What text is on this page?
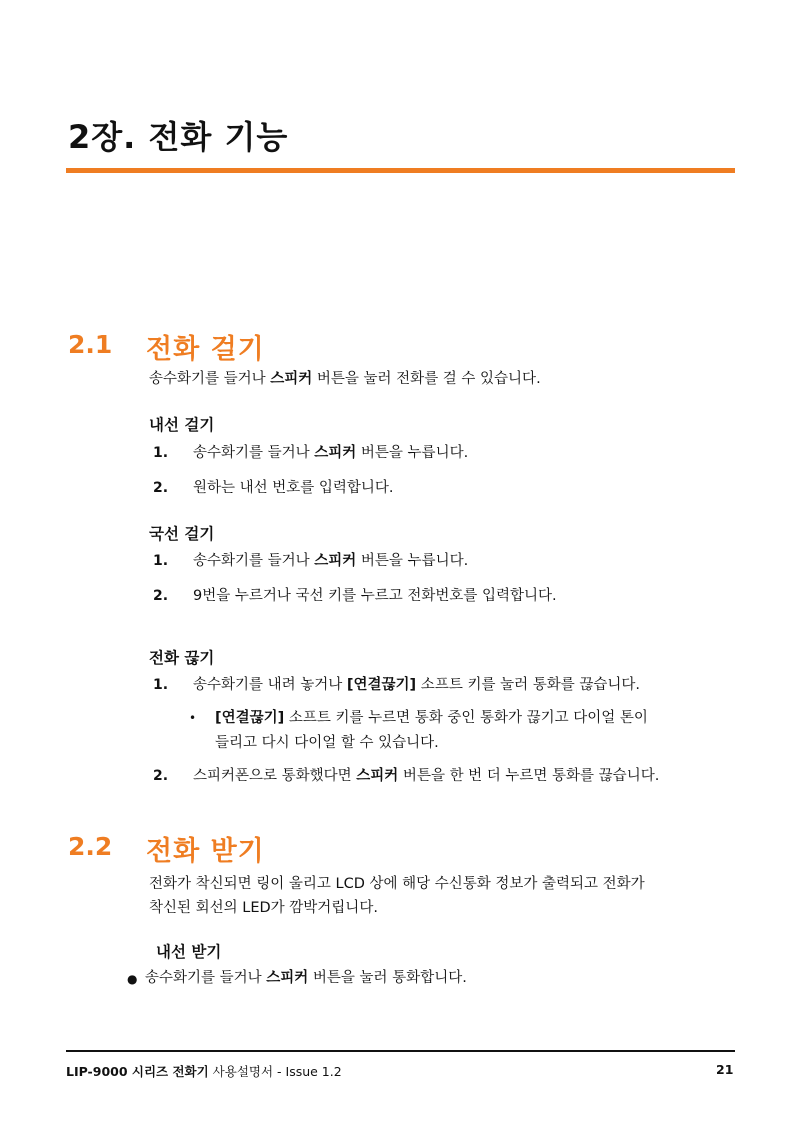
2장. 전화 기능
2.1 전화 걸기
송수화기를 들거나 스피커 버튼을 눌러 전화를 걸 수 있습니다.
내선 걸기
1. 송수화기를 들거나 스피커 버튼을 누릅니다.
2. 원하는 내선 번호를 입력합니다.
국선 걸기
1. 송수화기를 들거나 스피커 버튼을 누릅니다.
2. 9번을 누르거나 국선 키를 누르고 전화번호를 입력합니다.
전화 끊기
1. 송수화기를 내려 놓거나 [연결끊기] 소프트 키를 눌러 통화를 끊습니다.
• [연결끊기] 소프트 키를 누르면 통화 중인 통화가 끊기고 다이얼 톤이
들리고 다시 다이얼 할 수 있습니다.
2. 스피커폰으로 통화했다면 스피커 버튼을 한 번 더 누르면 통화를 끊습니다.
2.2 전화 받기
전화가 착신되면 링이 울리고 LCD 상에 해당 수신통화 정보가 출력되고 전화가
착신된 회선의 LED가 깜박거립니다.
내선 받기
● 송수화기를 들거나 스피커 버튼을 눌러 통화합니다.
LIP-9000 시리즈 전화기 사용설명서 - Issue 1.2	21
